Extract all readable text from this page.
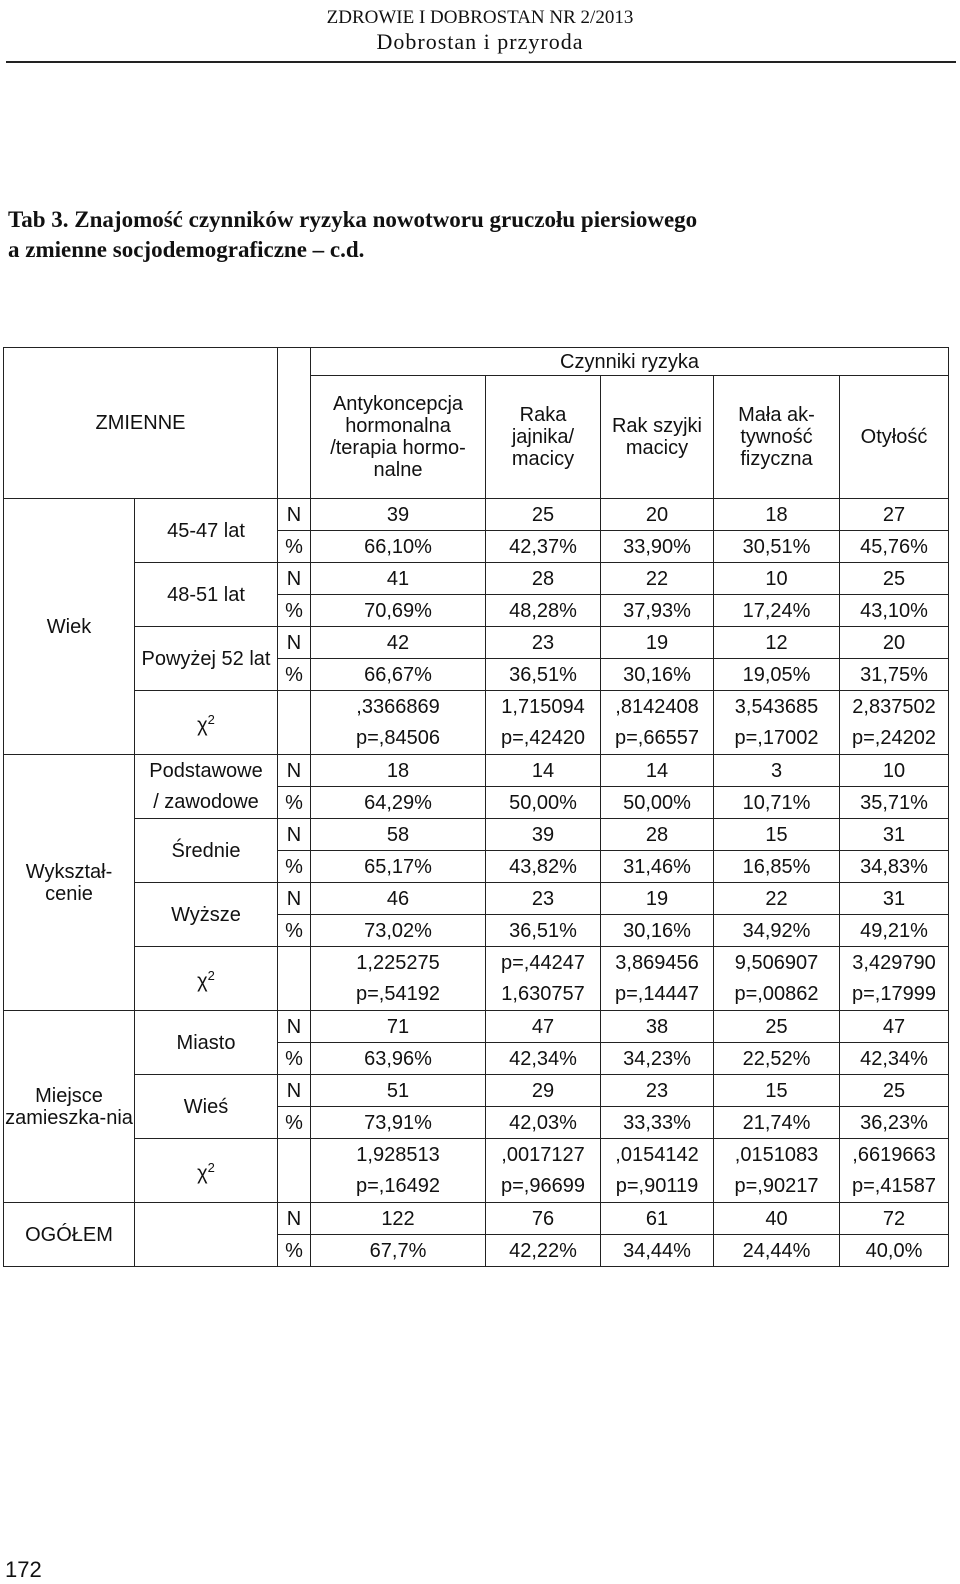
ZDROWIE I DOBROSTAN NR 2/2013
Dobrostan i przyroda
Tab 3. Znajomość czynników ryzyka nowotworu gruczołu piersiowego
a zmienne socjodemograficzne – c.d.
ZMIENNE			Czynniki ryzyka				
			Antykoncepcja hormonalna /terapia hormo-nalne	Raka jajnika/ macicy	Rak szyjki macicy	Mała ak-tywność fizyczna	Otyłość
Wiek	45-47 lat	N	39	25	20	18	27
		%	66,10%	42,37%	33,90%	30,51%	45,76%
	48-51 lat	N	41	28	22	10	25
		%	70,69%	48,28%	37,93%	17,24%	43,10%
	Powyżej 52 lat	N	42	23	19	12	20
		%	66,67%	36,51%	30,16%	19,05%	31,75%
	$\chi^2$		,3366869	1,715094	,8142408	3,543685	2,837502
			p=,84506	p=,42420	p=,66557	p=,17002	p=,24202
Wykształ-cenie	Podstawowe	N	18	14	14	3	10
	/ zawodowe	%	64,29%	50,00%	50,00%	10,71%	35,71%
	Średnie	N	58	39	28	15	31
		%	65,17%	43,82%	31,46%	16,85%	34,83%
	Wyższe	N	46	23	19	22	31
		%	73,02%	36,51%	30,16%	34,92%	49,21%
	$\chi^2$		1,225275	p=,44247	3,869456	9,506907	3,429790
			p=,54192	1,630757	p=,14447	p=,00862	p=,17999
Miejsce zamieszka-nia	Miasto	N	71	47	38	25	47
		%	63,96%	42,34%	34,23%	22,52%	42,34%
	Wieś	N	51	29	23	15	25
		%	73,91%	42,03%	33,33%	21,74%	36,23%
	$\chi^2$		1,928513	,0017127	,0154142	,0151083	,6619663
			p=,16492	p=,96699	p=,90119	p=,90217	p=,41587
OGÓŁEM		N	122	76	61	40	72
		%	67,7%	42,22%	34,44%	24,44%	40,0%
172
